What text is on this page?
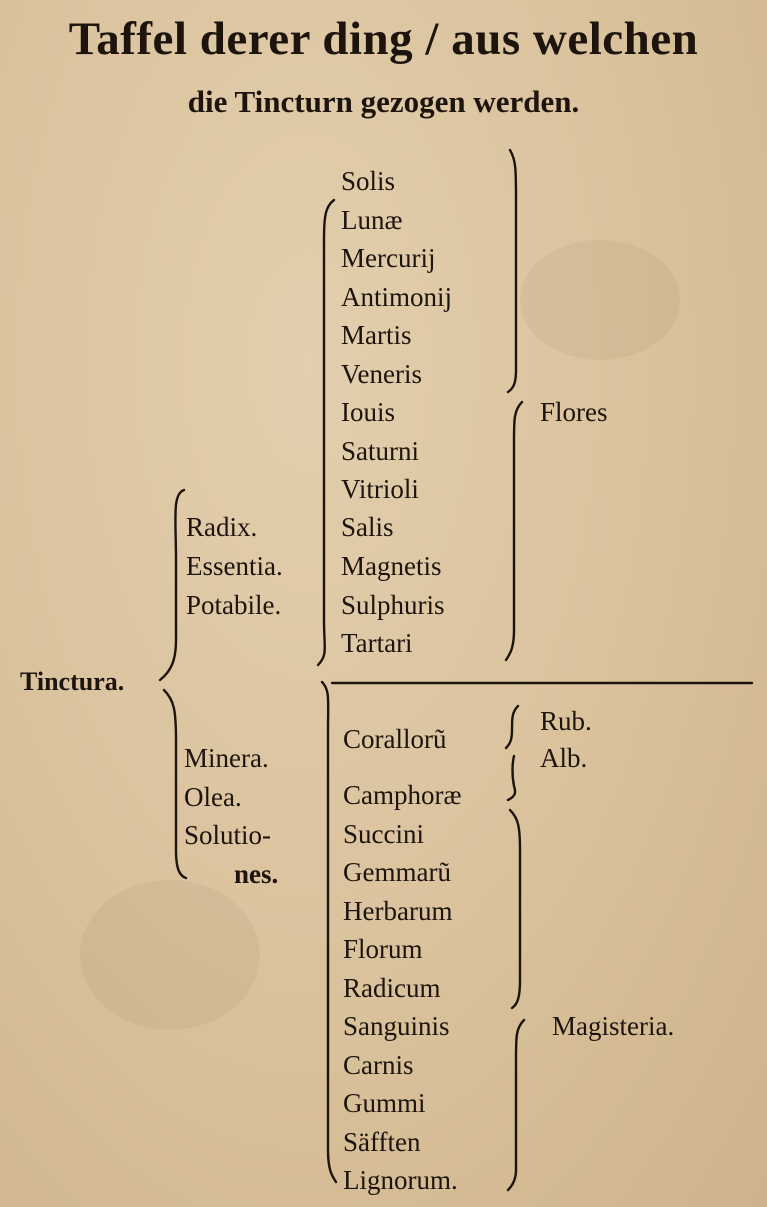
Taffel derer ding / aus welchen
die Tincturn gezogen werden.
Tinctura.
Radix.
Essentia.
Potabile.
Solis
Lunæ
Mercurij
Antimonij
Martis
Veneris
Iouis
Saturni
Vitrioli
Salis
Magnetis
Sulphuris
Tartari
Flores
Minera.
Olea.
Solutio-
nes.
Corallorũ
Rub.
Alb.
Camphoræ
Succini
Gemmarũ
Herbarum
Florum
Radicum
Sanguinis
Carnis
Gummi
Säfften
Lignorum.
Magisteria.
